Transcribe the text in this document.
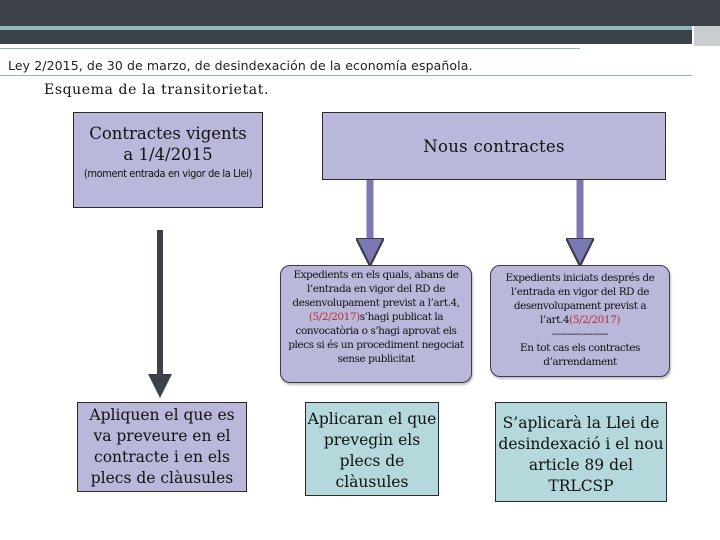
Ley 2/2015, de 30 de marzo, de desindexación de la economía española.
Esquema de la transitorietat.
Contractes vigents a 1/4/2015
(moment entrada en vigor de la Llei)
Nous contractes
Expedients en els quals, abans de l’entrada en vigor del RD de desenvolupament previst a l’art.4, (5/2/2017)s’hagi publicat la convocatòria o s’hagi aprovat els plecs si és un procediment negociat sense publicitat
Expedients iniciats després de l’entrada en vigor del RD de desenvolupament previst a l’art.4(5/2/2017)
------------------
En tot cas els contractes d’arrendament
Apliquen el que es va preveure en el contracte i en els plecs de clàusules
Aplicaran el que prevegin els plecs de clàusules
S’aplicarà la Llei de desindexació i el nou article 89 del TRLCSP
